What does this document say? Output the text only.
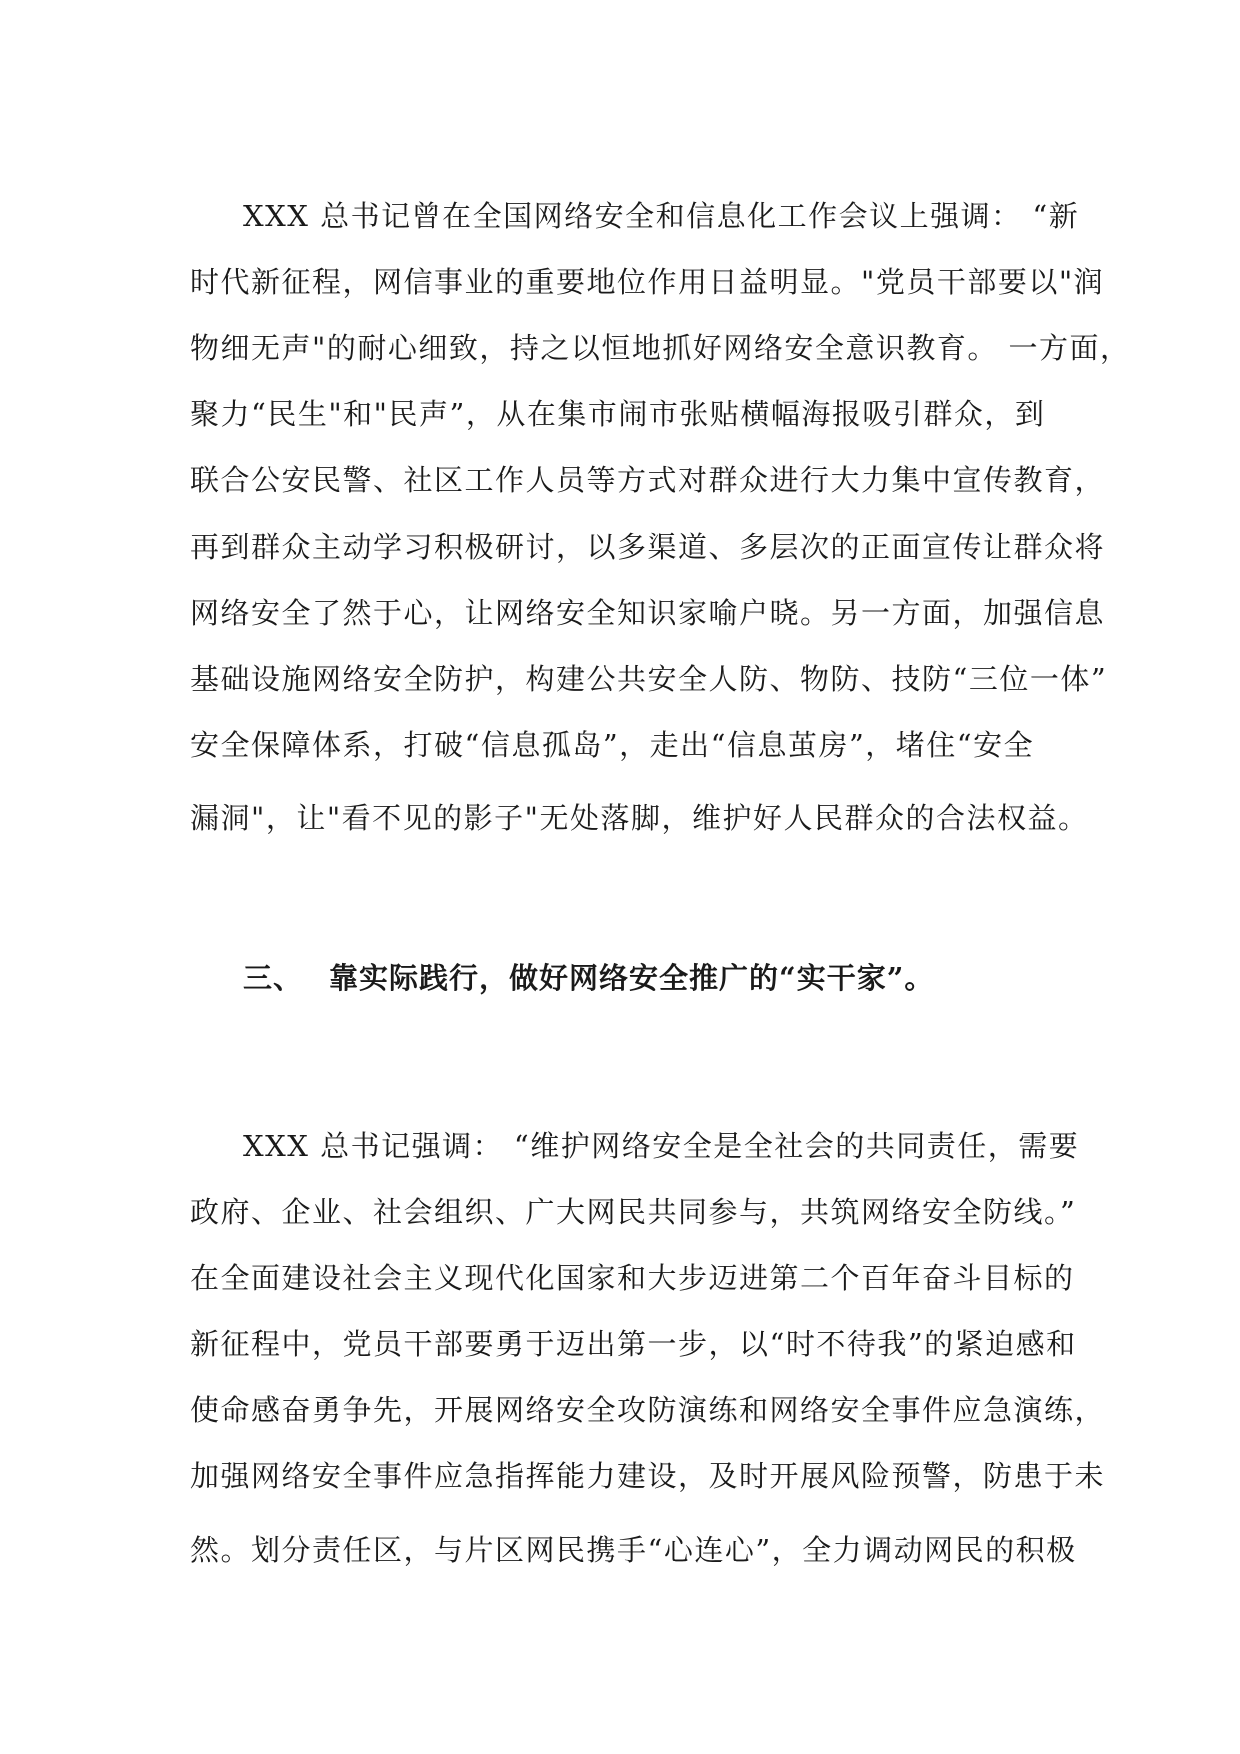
XXX 总书记曾在全国网络安全和信息化工作会议上强调： “新
时代新征程，网信事业的重要地位作用日益明显。"党员干部要以"润
物细无声"的耐心细致，持之以恒地抓好网络安全意识教育。 一方面，
聚力“民生"和"民声”，从在集市闹市张贴横幅海报吸引群众，到
联合公安民警、社区工作人员等方式对群众进行大力集中宣传教育，
再到群众主动学习积极研讨，以多渠道、多层次的正面宣传让群众将
网络安全了然于心，让网络安全知识家喻户晓。另一方面，加强信息
基础设施网络安全防护，构建公共安全人防、物防、技防“三位一体”
安全保障体系，打破“信息孤岛”，走出“信息茧房”，堵住“安全
漏洞"，让"看不见的影子"无处落脚，维护好人民群众的合法权益。
三、 靠实际践行，做好网络安全推广的“实干家”。
XXX 总书记强调： “维护网络安全是全社会的共同责任，需要
政府、企业、社会组织、广大网民共同参与，共筑网络安全防线。”
在全面建设社会主义现代化国家和大步迈进第二个百年奋斗目标的
新征程中，党员干部要勇于迈出第一步，以“时不待我”的紧迫感和
使命感奋勇争先，开展网络安全攻防演练和网络安全事件应急演练，
加强网络安全事件应急指挥能力建设，及时开展风险预警，防患于未
然。划分责任区，与片区网民携手“心连心”，全力调动网民的积极
